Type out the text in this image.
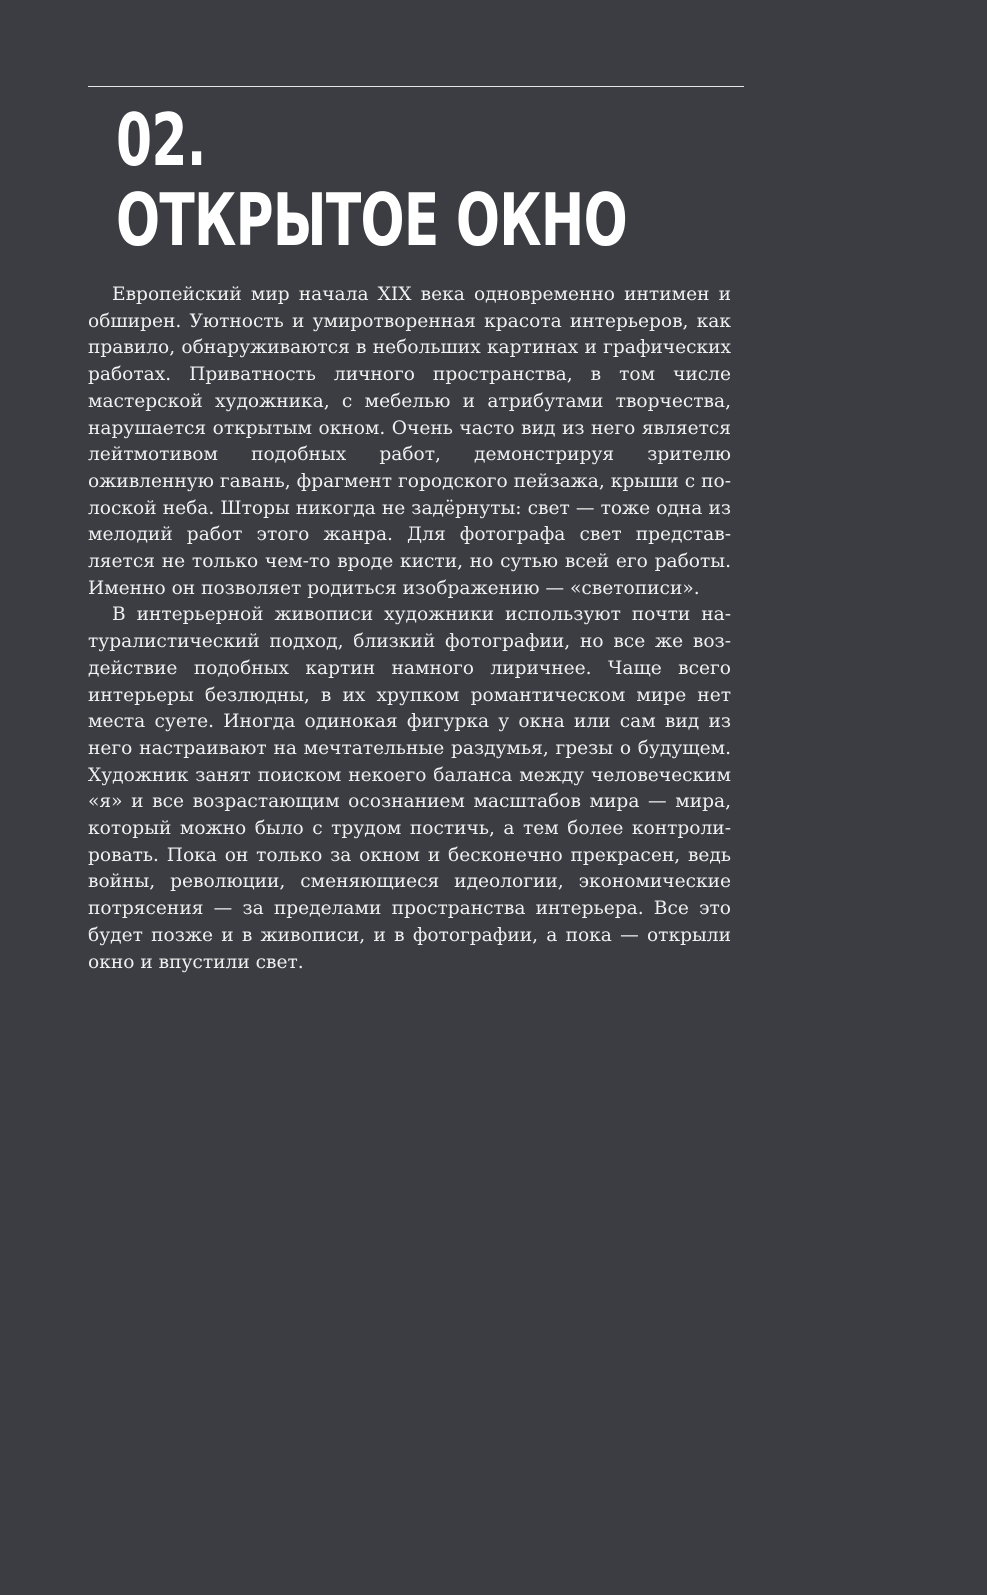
02.
ОТКРЫТОЕ ОКНО

Европейский мир начала XIX века одновременно интимен и обширен. Уютность и умиротворенная красота интерьеров, как правило, обнаруживаются в небольших картинах и графических работах. Приватность личного пространства, в том числе мастерской художника, с мебелью и атрибутами творчества, нарушается открытым окном. Очень часто вид из него является лейтмотивом подобных работ, демонстрируя зрителю оживленную гавань, фрагмент городского пейзажа, крыши с полоской неба. Шторы никогда не задёрнуты: свет — тоже одна из мелодий работ этого жанра. Для фотографа свет представляется не только чем-то вроде кисти, но сутью всей его работы. Именно он позволяет родиться изображению — «светописи».

В интерьерной живописи художники используют почти натуралистический подход, близкий фотографии, но все же воздействие подобных картин намного лиричнее. Чаще всего интерьеры безлюдны, в их хрупком романтическом мире нет места суете. Иногда одинокая фигурка у окна или сам вид из него настраивают на мечтательные раздумья, грезы о будущем. Художник занят поиском некоего баланса между человеческим «я» и все возрастающим осознанием масштабов мира — мира, который можно было с трудом постичь, а тем более контролировать. Пока он только за окном и бесконечно прекрасен, ведь войны, революции, сменяющиеся идеологии, экономические потрясения — за пределами пространства интерьера. Все это будет позже и в живописи, и в фотографии, а пока — открыли окно и впустили свет.
